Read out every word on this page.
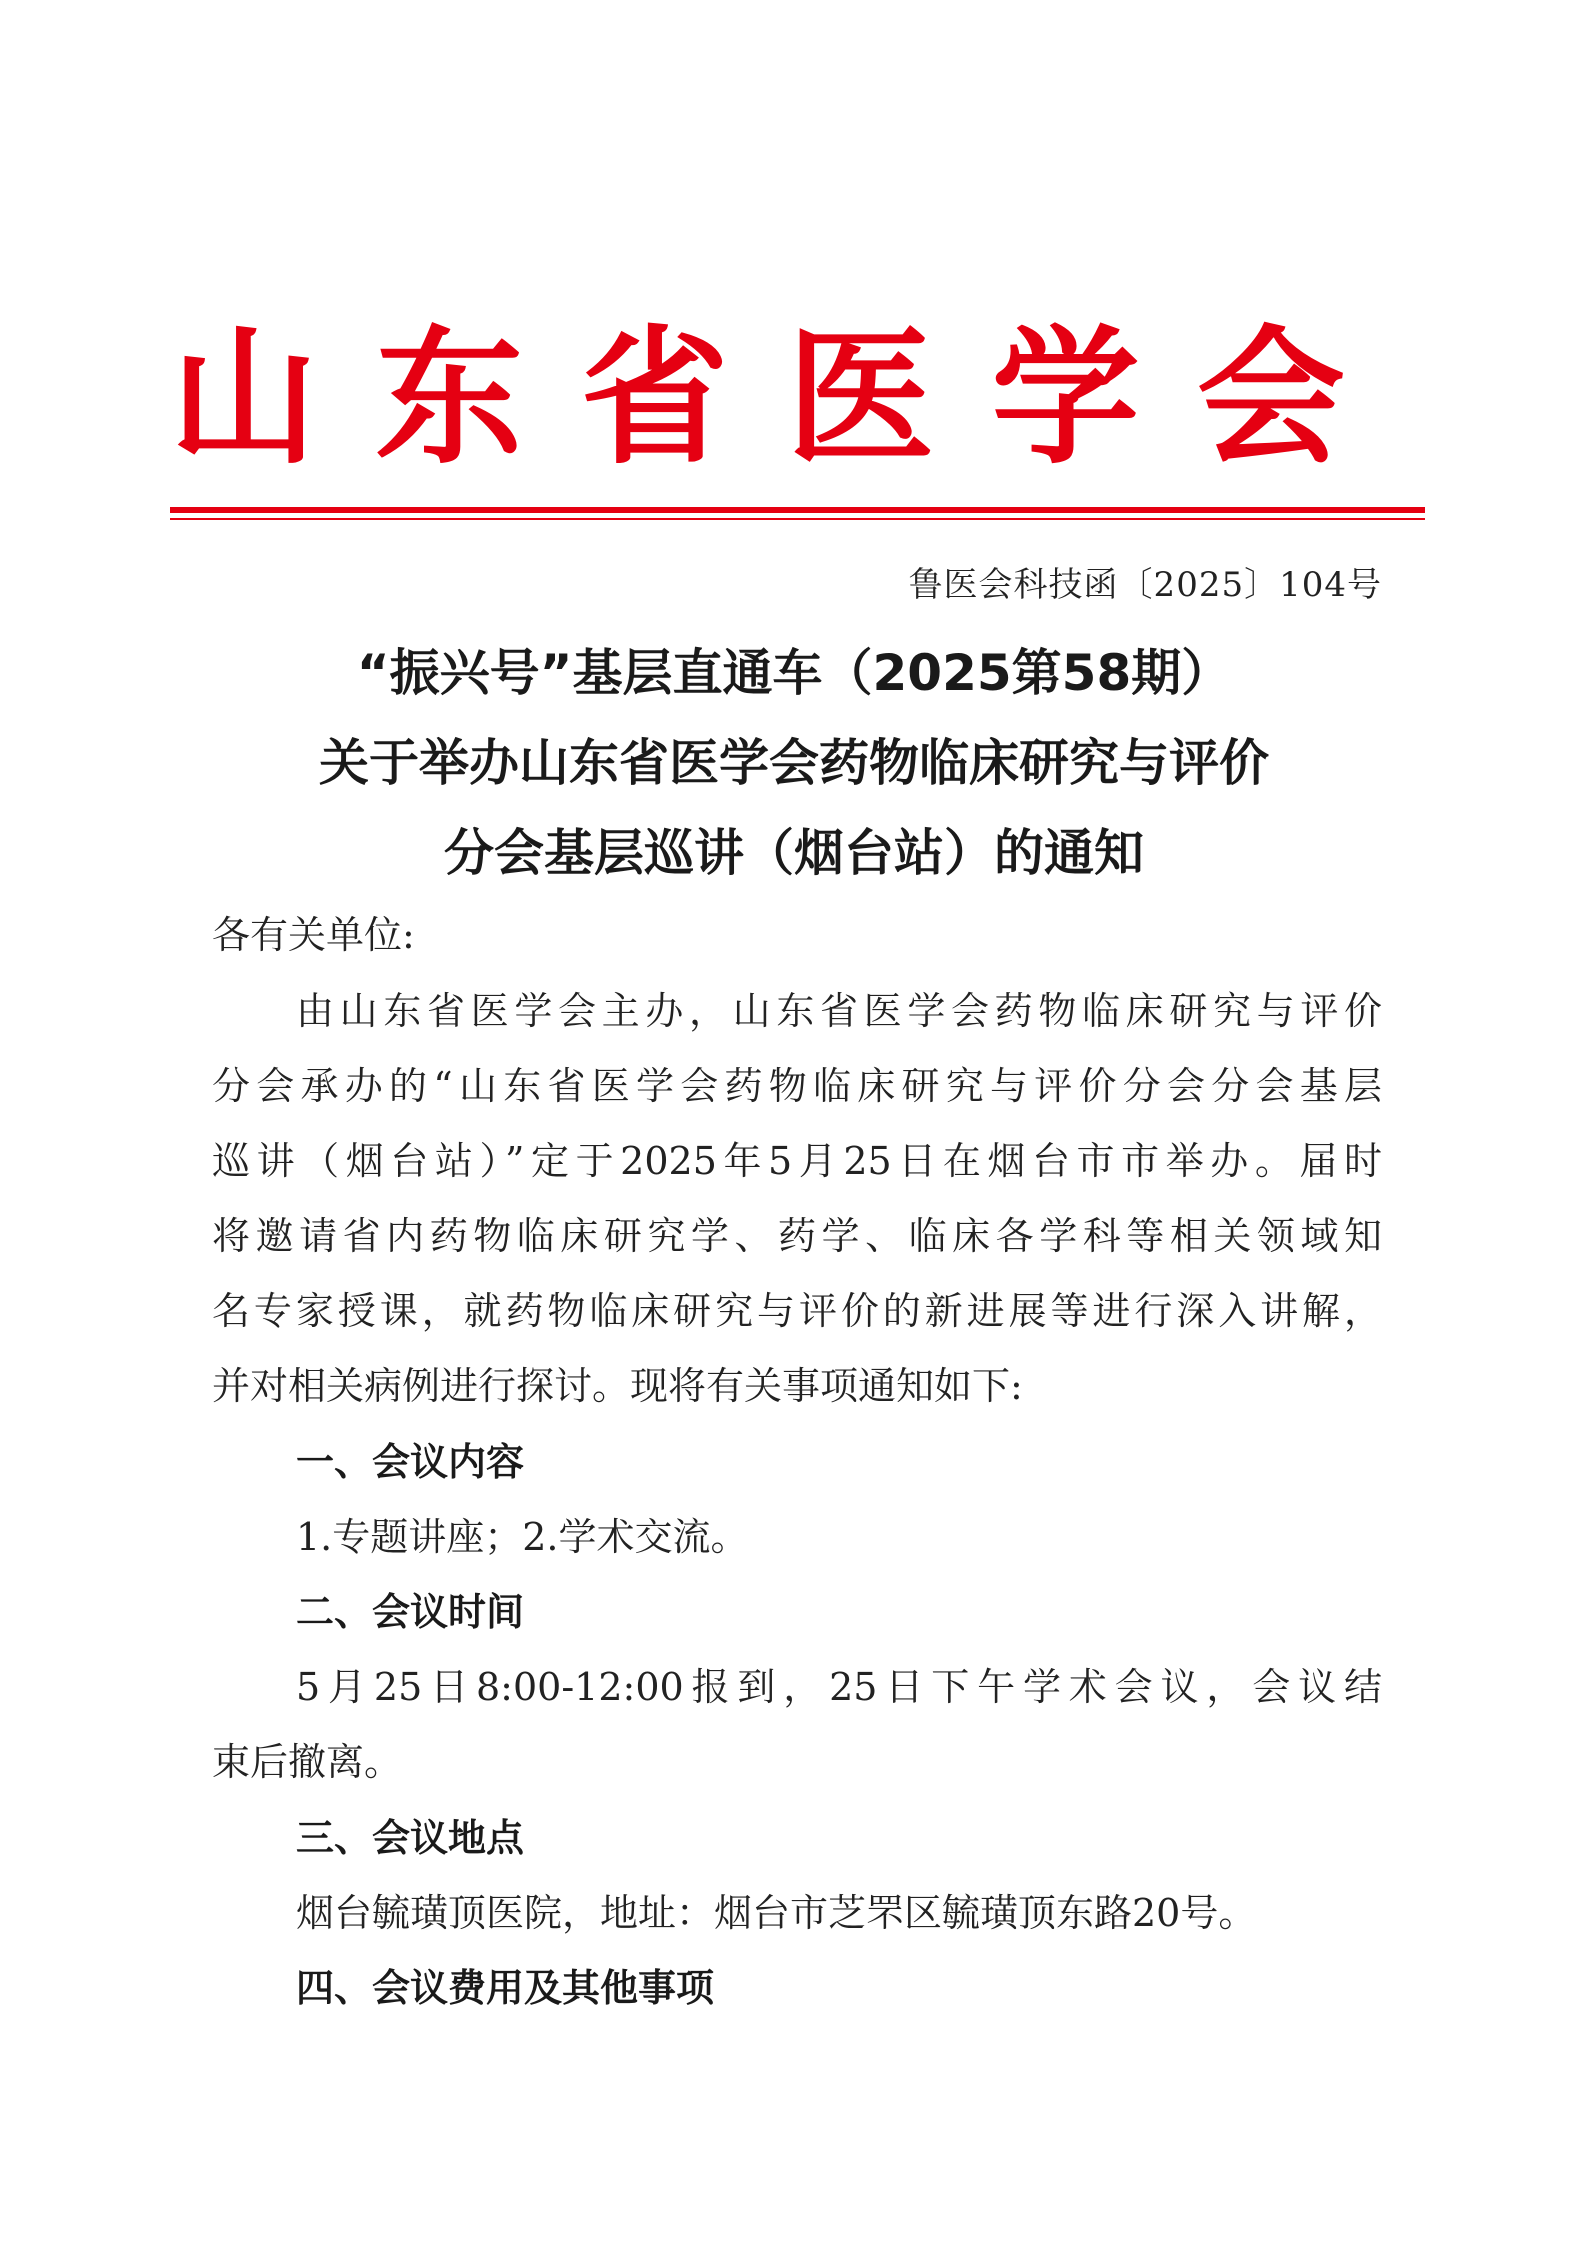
山 东 省 医 学 会
鲁医会科技函〔2025〕104号
“振兴号”基层直通车（2025第58期）
关于举办山东省医学会药物临床研究与评价
分会基层巡讲（烟台站）的通知
各有关单位:
由山东省医学会主办，山东省医学会药物临床研究与评价
分会承办的“山东省医学会药物临床研究与评价分会分会基层
巡讲（烟台站）”定于2025年5月25日在烟台市市举办。届时
将邀请省内药物临床研究学、药学、临床各学科等相关领域知
名专家授课，就药物临床研究与评价的新进展等进行深入讲解，
并对相关病例进行探讨。现将有关事项通知如下:
一、会议内容
1.专题讲座；2.学术交流。
二、会议时间
5月25日8:00-12:00报到，25日下午学术会议，会议结
束后撤离。
三、会议地点
烟台毓璜顶医院，地址：烟台市芝罘区毓璜顶东路20号。
四、会议费用及其他事项
